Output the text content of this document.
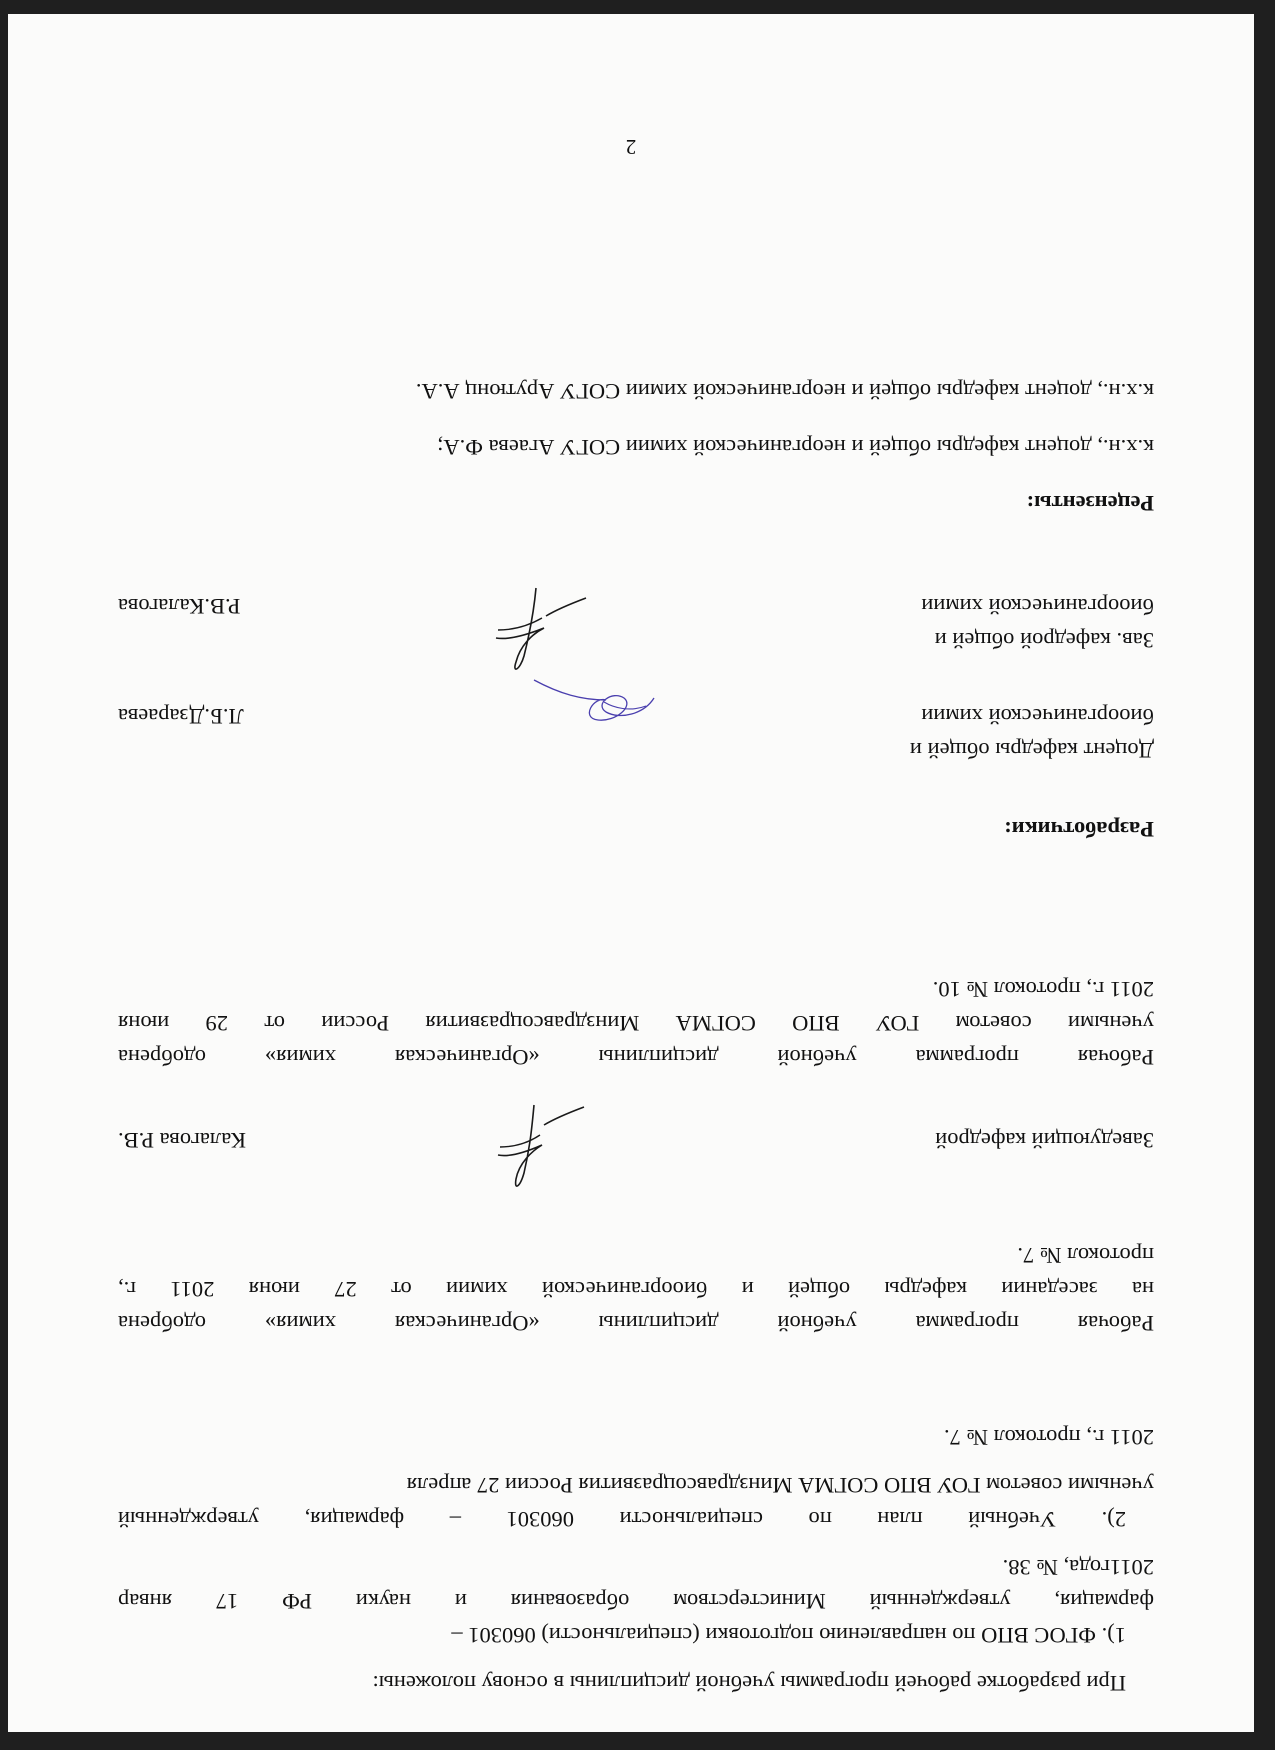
2

При разработке рабочей программы учебной дисциплины в основу положены:

1). ФГОС ВПО по направлению подготовки (специальности) 060301 –

фармация, утвержденный Министерством образования и науки РФ 17 январ

2011года, № 38.

2). Учебный план по специальности 060301 – фармация, утвержденный

учеными советом ГОУ ВПО СОГМА Минздравсоцразвития России 27 апреля

2011 г., протокол № 7.

Рабочая программа учебной дисциплины «Органическая химия» одобрена

на заседании кафедры общей и биоорганической химии от 27 июня 2011 г.,

протокол № 7.

Заведующий кафедрой
Калагова Р.В.

Рабочая программа учебной дисциплины «Органическая химия» одобрена

учеными советом ГОУ ВПО СОГМА Минздравсоцразвития России от 29 июня

2011 г., протокол № 10.

Разработчики:

Доцент кафедры общей и
биоорганической химии
Л.Б.Дзараева
Зав. кафедрой общей и
биоорганической химии
Р.В.Калагова

Рецензенты:

к.х.н., доцент кафедры общей и неорганической химии СОГУ Агаева Ф.А;

к.х.н., доцент кафедры общей и неорганической химии СОГУ Арутюнц А.А.
